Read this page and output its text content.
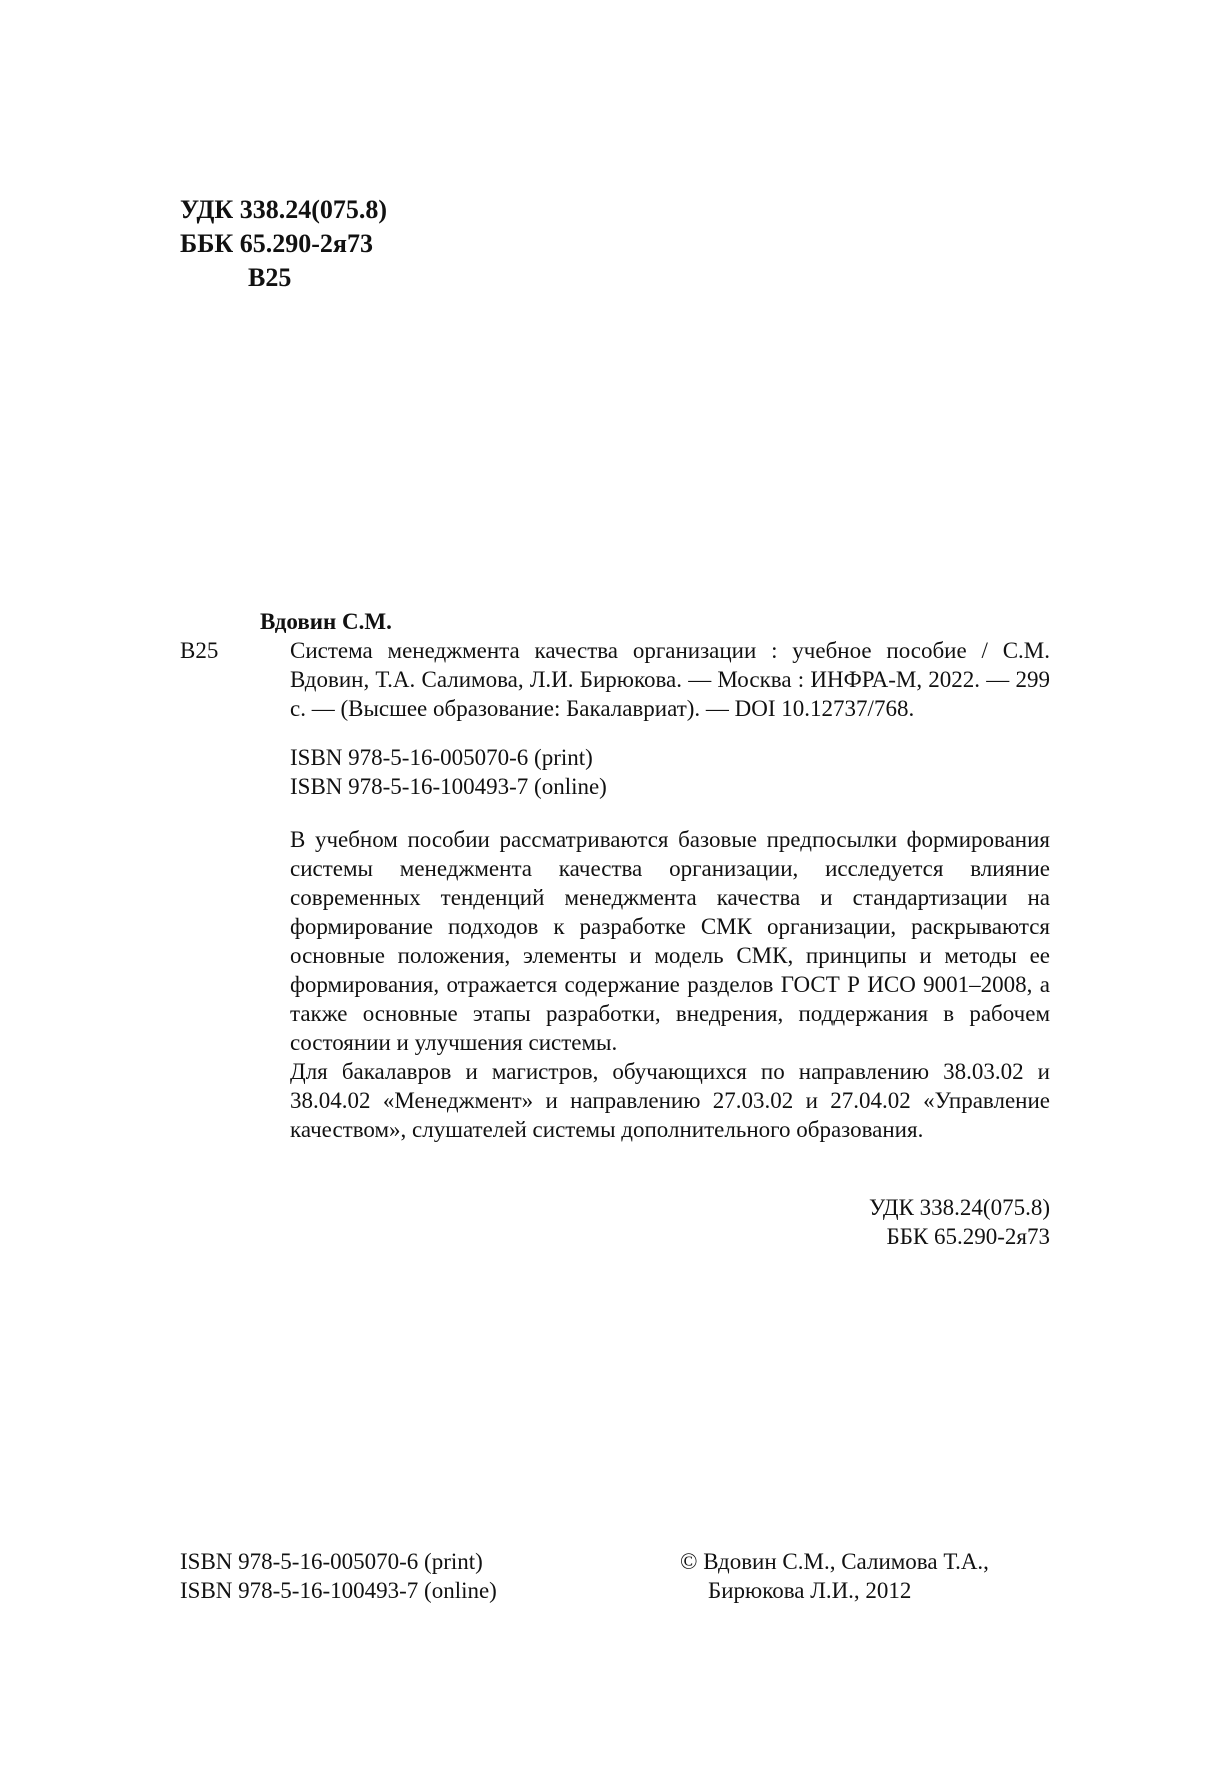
УДК 338.24(075.8)
ББК 65.290-2я73
В25
Вдовин С.М.
В25	Система менеджмента качества организации : учебное пособие / С.М. Вдовин, Т.А. Салимова, Л.И. Бирюкова. — Москва : ИНФРА-М, 2022. — 299 с. — (Высшее образование: Бакалавриат). — DOI 10.12737/768.
ISBN 978-5-16-005070-6 (print)
ISBN 978-5-16-100493-7 (online)

В учебном пособии рассматриваются базовые предпосылки формирования системы менеджмента качества организации, исследуется влияние современных тенденций менеджмента качества и стандартизации на формирование подходов к разработке СМК организации, раскрываются основные положения, элементы и модель СМК, принципы и методы ее формирования, отражается содержание разделов ГОСТ Р ИСО 9001–2008, а также основные этапы разработки, внедрения, поддержания в рабочем состоянии и улучшения системы.

Для бакалавров и магистров, обучающихся по направлению 38.03.02 и 38.04.02 «Менеджмент» и направлению 27.03.02 и 27.04.02 «Управление качеством», слушателей системы дополнительного образования.

УДК 338.24(075.8)
ББК 65.290-2я73
ISBN 978-5-16-005070-6 (print)
ISBN 978-5-16-100493-7 (online)
© Вдовин С.М., Салимова Т.А.,
Бирюкова Л.И., 2012
